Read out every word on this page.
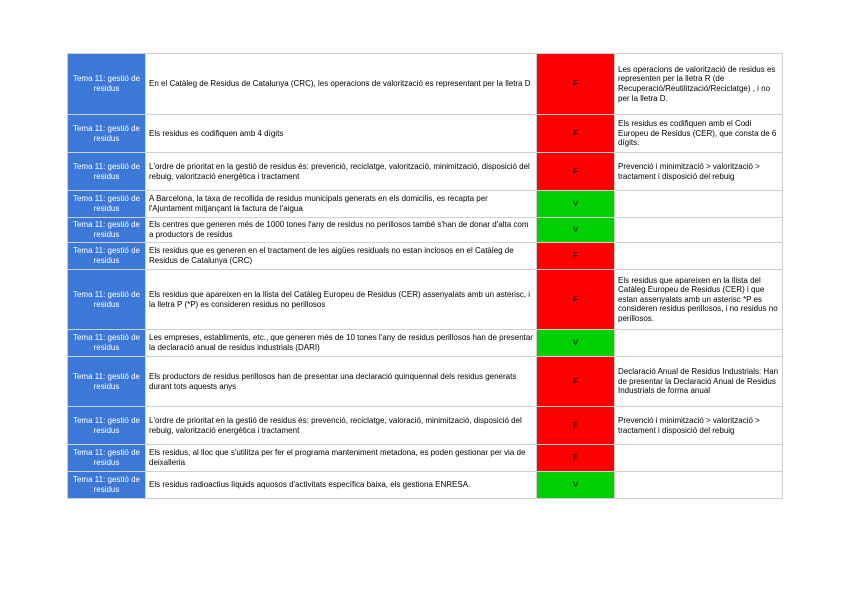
Tema 11: gestió de residus	En el Catàleg de Residus de Catalunya (CRC), les operacions de valorització es representant per la lletra D	F	Les operacions de valorització de residus es representen per la lletra R (de Recuperació/Reutilització/Reciclatge) , i no per la lletra D.
Tema 11: gestió de residus	Els residus es codifiquen amb 4 dígits	F	Els residus es codifiquen amb el Codi Europeu de Residus (CER), que consta de 6 dígits.
Tema 11: gestió de residus	L'ordre de prioritat en la gestió de residus és: prevenció, reciclatge, valorització, minimització, disposició del rebuig, valorització energètica i tractament	F	Prevenció i minimització > valorització > tractament i disposició del rebuig
Tema 11: gestió de residus	A Barcelona, la taxa de recollida de residus municipals generats en els domicilis, es recapta per l'Ajuntament mitjançant la factura de l'aigua	V	
Tema 11: gestió de residus	Els centres que generen més de 1000 tones l'any de residus no perillosos també s'han de donar d'alta com a productors de residus	V	
Tema 11: gestió de residus	Els residus que es generen en el tractament de les aigües residuals no estan inclosos en el Catàleg de Residus de Catalunya (CRC)	F	
Tema 11: gestió de residus	Els residus que apareixen en la llista del Catàleg Europeu de Residus (CER) assenyalats amb un asterisc, i la lletra P (*P) es consideren residus no perillosos	F	Els residus que apareixen en la llista del Catàleg Europeu de Residus (CER) i que estan assenyalats amb un asterisc *P es consideren residus perillosos, i no residus no perillosos.
Tema 11: gestió de residus	Les empreses, establiments, etc., que generen més de 10 tones l'any de residus perillosos han de presentar la declaració anual de residus industrials (DARI)	V	
Tema 11: gestió de residus	Els productors de residus perillosos han de presentar una declaració quinquennal dels residus generats durant tots aquests anys	F	Declaració Anual de Residus Industrials: Han de presentar la Declaració Anual de Residus Industrials de forma anual
Tema 11: gestió de residus	L'ordre de prioritat en la gestió de residus és: prevenció, reciclatge, valoració, minimització, disposició del rebuig, valorització energètica i tractament	F	Prevenció i minimització > valorització > tractament i disposició del rebuig
Tema 11: gestió de residus	Els residus, al lloc que s'utilitza per fer el programa manteniment metadona, es poden gestionar per via de deixalleria	F	
Tema 11: gestió de residus	Els residus radioactius líquids aquosos d'activitats específica baixa, els gestiona ENRESA.	V	
